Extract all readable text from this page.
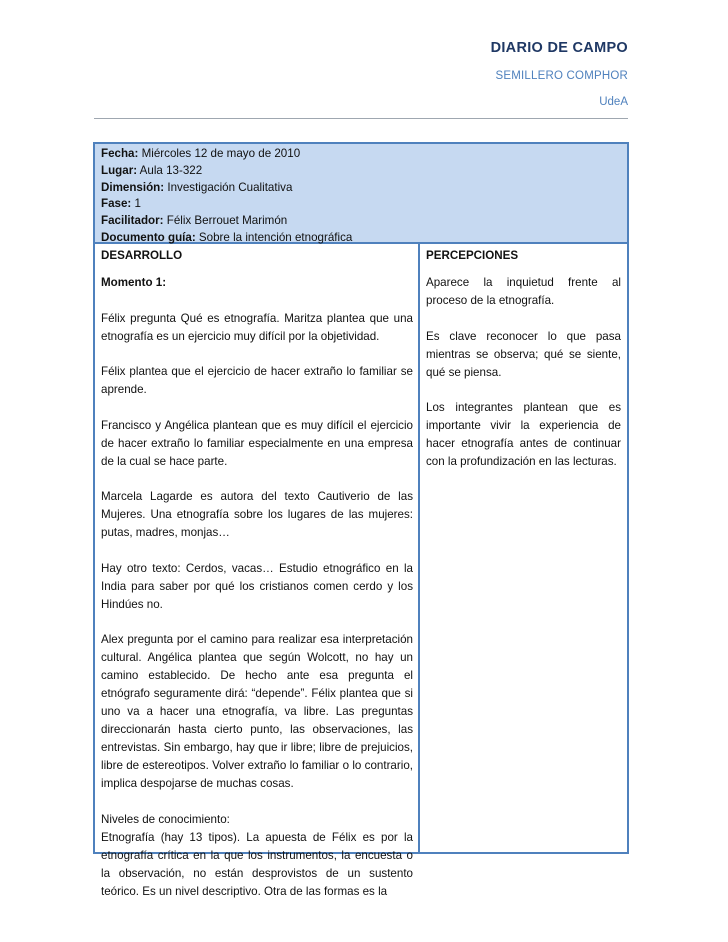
DIARIO DE CAMPO
SEMILLERO COMPHOR
UdeA
Fecha: Miércoles 12 de mayo de 2010
Lugar: Aula 13-322
Dimensión: Investigación Cualitativa
Fase: 1
Facilitador: Félix Berrouet Marimón
Documento guía: Sobre la intención etnográfica
DESARROLLO

Momento 1:

Félix pregunta Qué es etnografía. Maritza plantea que una etnografía es un ejercicio muy difícil por la objetividad.

Félix plantea que el ejercicio de hacer extraño lo familiar se aprende.

Francisco y Angélica plantean que es muy difícil el ejercicio de hacer extraño lo familiar especialmente en una empresa de la cual se hace parte.

Marcela Lagarde es autora del texto Cautiverio de las Mujeres. Una etnografía sobre los lugares de las mujeres: putas, madres, monjas…

Hay otro texto: Cerdos, vacas… Estudio etnográfico en la India para saber por qué los cristianos comen cerdo y los Hindúes no.

Alex pregunta por el camino para realizar esa interpretación cultural. Angélica plantea que según Wolcott, no hay un camino establecido. De hecho ante esa pregunta el etnógrafo seguramente dirá: “depende”. Félix plantea que si uno va a hacer una etnografía, va libre. Las preguntas direccionarán hasta cierto punto, las observaciones, las entrevistas. Sin embargo, hay que ir libre; libre de prejuicios, libre de estereotipos. Volver extraño lo familiar o lo contrario, implica despojarse de muchas cosas.

Niveles de conocimiento:

Etnografía (hay 13 tipos). La apuesta de Félix es por la etnografía crítica en la que los instrumentos, la encuesta o la observación, no están desprovistos de un sustento teórico. Es un nivel descriptivo. Otra de las formas es la

PERCEPCIONES

Aparece la inquietud frente al proceso de la etnografía.

Es clave reconocer lo que pasa mientras se observa; qué se siente, qué se piensa.

Los integrantes plantean que es importante vivir la experiencia de hacer etnografía antes de continuar con la profundización en las lecturas.
